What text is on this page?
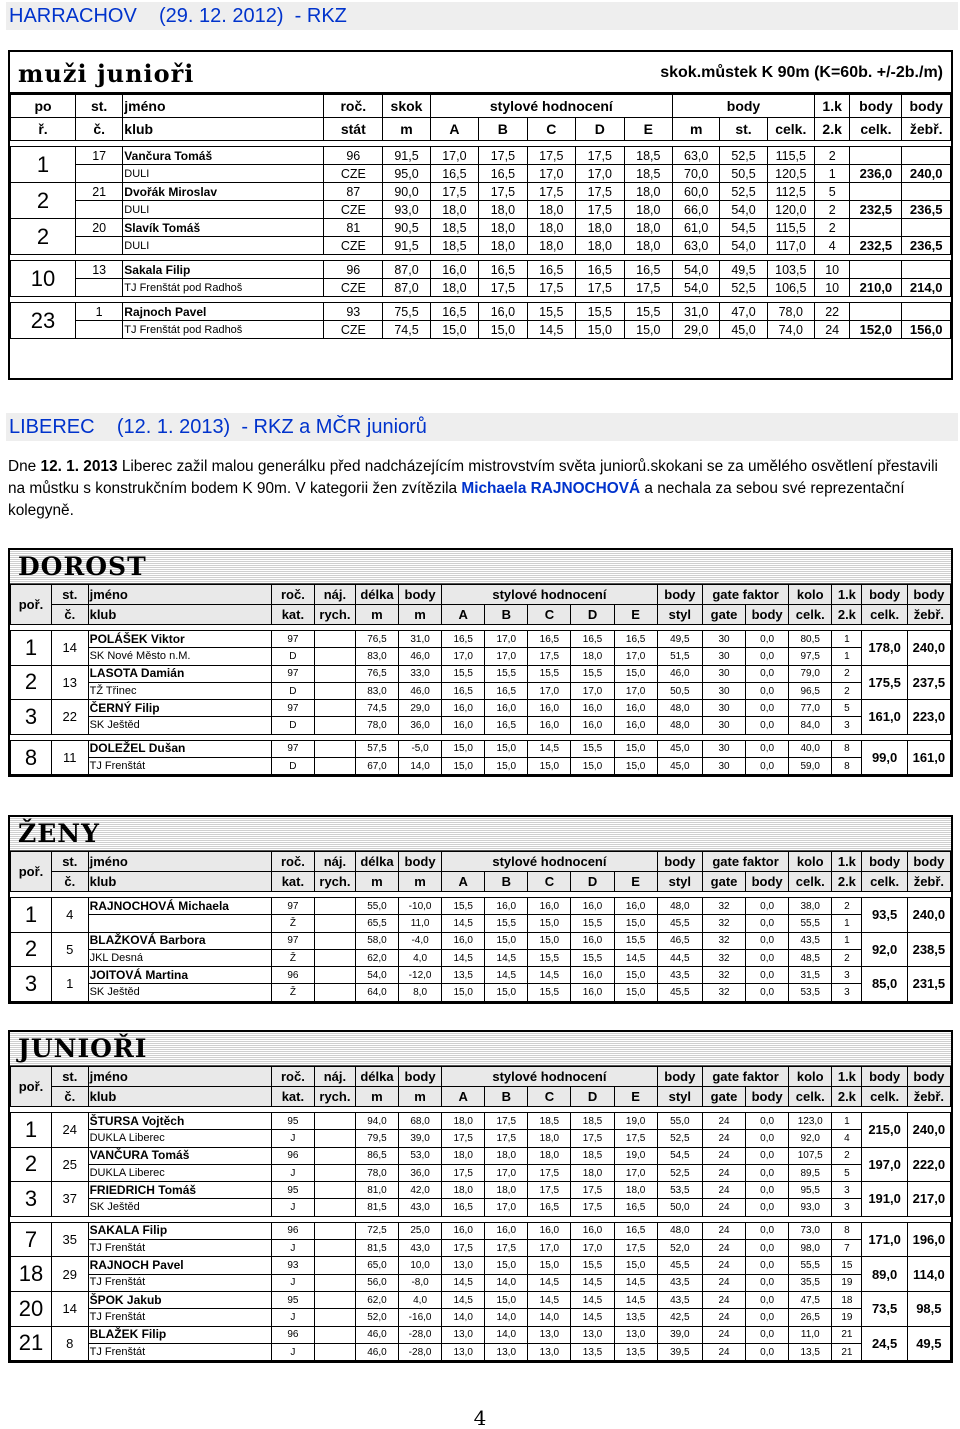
HARRACHOV    (29. 12. 2012)  - RKZ
muži junioři	skok.můstek K 90m (K=60b. +/-2b./m)
po	st.	jméno	roč.	skok	stylové hodnocení					body			1.k	body	body
ř.	č.	klub	stát	m	A	B	C	D	E	m	st.	celk.	2.k	celk.	žebř.

1	17	Vančura Tomáš	96	91,5	17,0	17,5	17,5	17,5	18,5	63,0	52,5	115,5	2		
		DULI	CZE	95,0	16,5	16,5	17,0	17,0	18,5	70,0	50,5	120,5	1	236,0	240,0
2	21	Dvořák Miroslav	87	90,0	17,5	17,5	17,5	17,5	18,0	60,0	52,5	112,5	5		
		DULI	CZE	93,0	18,0	18,0	18,0	17,5	18,0	66,0	54,0	120,0	2	232,5	236,5
2	20	Slavík Tomáš	81	90,5	18,5	18,0	18,0	18,0	18,0	61,0	54,5	115,5	2		
		DULI	CZE	91,5	18,5	18,0	18,0	18,0	18,0	63,0	54,0	117,0	4	232,5	236,5

10	13	Sakala Filip	96	87,0	16,0	16,5	16,5	16,5	16,5	54,0	49,5	103,5	10		
		TJ Frenštát pod Radhoš	CZE	87,0	18,0	17,5	17,5	17,5	17,5	54,0	52,5	106,5	10	210,0	214,0

23	1	Rajnoch Pavel	93	75,5	16,5	16,0	15,5	15,5	15,5	31,0	47,0	78,0	22		
		TJ Frenštát pod Radhoš	CZE	74,5	15,0	15,0	14,5	15,0	15,0	29,0	45,0	74,0	24	152,0	156,0
LIBEREC    (12. 1. 2013)  - RKZ a MČR juniorů
Dne 12. 1. 2013 Liberec zažil malou generálku před nadcházejícím mistrovstvím světa juniorů.skokani se za umělého osvětlení přestavili na můstku s konstrukčním bodem K 90m. V kategorii žen zvítězila Michaela RAJNOCHOVÁ a nechala za sebou své reprezentační kolegyně.
DOROST
poř.	st.	jméno	roč.	náj.	délka	body	stylové hodnocení					body	gate faktor		kolo	1.k	body	body
	č.	klub	kat.	rych.	m	m	A	B	C	D	E	styl	gate	body	celk.	2.k	celk.	žebř.

1	14	POLÁŠEK Viktor	97		76,5	31,0	16,5	17,0	16,5	16,5	16,5	49,5	30	0,0	80,5	1	178,0	240,0
		SK Nové Město n.M.	D		83,0	46,0	17,0	17,0	17,5	18,0	17,0	51,5	30	0,0	97,5	1		
2	13	LASOTA Damián	97		76,5	33,0	15,5	15,5	15,5	15,5	15,0	46,0	30	0,0	79,0	2	175,5	237,5
		TŽ Třinec	D		83,0	46,0	16,5	16,5	17,0	17,0	17,0	50,5	30	0,0	96,5	2		
3	22	ČERNÝ Filip	97		74,5	29,0	16,0	16,0	16,0	16,0	16,0	48,0	30	0,0	77,0	5	161,0	223,0
		SK Ještěd	D		78,0	36,0	16,0	16,5	16,0	16,0	16,0	48,0	30	0,0	84,0	3		

8	11	DOLEŽEL Dušan	97		57,5	-5,0	15,0	15,0	14,5	15,5	15,0	45,0	30	0,0	40,0	8	99,0	161,0
		TJ Frenštát	D		67,0	14,0	15,0	15,0	15,0	15,0	15,0	45,0	30	0,0	59,0	8		
ŽENY
poř.	st.	jméno	roč.	náj.	délka	body	stylové hodnocení					body	gate faktor		kolo	1.k	body	body
	č.	klub	kat.	rych.	m	m	A	B	C	D	E	styl	gate	body	celk.	2.k	celk.	žebř.

1	4	RAJNOCHOVÁ Michaela	97		55,0	-10,0	15,5	16,0	16,0	16,0	16,0	48,0	32	0,0	38,0	2	93,5	240,0
			Ž		65,5	11,0	14,5	15,5	15,0	15,5	15,0	45,5	32	0,0	55,5	1		
2	5	BLAŽKOVÁ Barbora	97		58,0	-4,0	16,0	15,0	15,0	16,0	15,5	46,5	32	0,0	43,5	1	92,0	238,5
		JKL Desná	Ž		62,0	4,0	14,5	14,5	15,5	15,5	14,5	44,5	32	0,0	48,5	2		
3	1	JOITOVÁ Martina	96		54,0	-12,0	13,5	14,5	14,5	16,0	15,0	43,5	32	0,0	31,5	3	85,0	231,5
		SK Ještěd	Ž		64,0	8,0	15,0	15,0	15,5	16,0	15,0	45,5	32	0,0	53,5	3		
JUNIOŘI
poř.	st.	jméno	roč.	náj.	délka	body	stylové hodnocení					body	gate faktor		kolo	1.k	body	body
	č.	klub	kat.	rych.	m	m	A	B	C	D	E	styl	gate	body	celk.	2.k	celk.	žebř.

1	24	ŠTURSA Vojtěch	95		94,0	68,0	18,0	17,5	18,5	18,5	19,0	55,0	24	0,0	123,0	1	215,0	240,0
		DUKLA Liberec	J		79,5	39,0	17,5	17,5	18,0	17,5	17,5	52,5	24	0,0	92,0	4		
2	25	VANČURA Tomáš	96		86,5	53,0	18,0	18,0	18,0	18,5	19,0	54,5	24	0,0	107,5	2	197,0	222,0
		DUKLA Liberec	J		78,0	36,0	17,5	17,0	17,5	18,0	17,0	52,5	24	0,0	89,5	5		
3	37	FRIEDRICH Tomáš	95		81,0	42,0	18,0	18,0	17,5	17,5	18,0	53,5	24	0,0	95,5	3	191,0	217,0
		SK Ještěd	J		81,5	43,0	16,5	17,0	16,5	17,5	16,5	50,0	24	0,0	93,0	3		

7	35	SAKALA Filip	96		72,5	25,0	16,0	16,0	16,0	16,0	16,5	48,0	24	0,0	73,0	8	171,0	196,0
		TJ Frenštát	J		81,5	43,0	17,5	17,5	17,0	17,0	17,5	52,0	24	0,0	98,0	7		
18	29	RAJNOCH Pavel	93		65,0	10,0	13,0	15,0	15,0	15,5	15,0	45,5	24	0,0	55,5	15	89,0	114,0
		TJ Frenštát	J		56,0	-8,0	14,5	14,0	14,5	14,5	14,5	43,5	24	0,0	35,5	19		
20	14	ŠPOK Jakub	95		62,0	4,0	14,5	15,0	14,5	14,5	14,5	43,5	24	0,0	47,5	18	73,5	98,5
		TJ Frenštát	J		52,0	-16,0	14,0	14,0	14,0	14,5	13,5	42,5	24	0,0	26,5	19		
21	8	BLAŽEK Filip	96		46,0	-28,0	13,0	14,0	13,0	13,0	13,0	39,0	24	0,0	11,0	21	24,5	49,5
		TJ Frenštát	J		46,0	-28,0	13,0	13,0	13,0	13,5	13,5	39,5	24	0,0	13,5	21		
4
